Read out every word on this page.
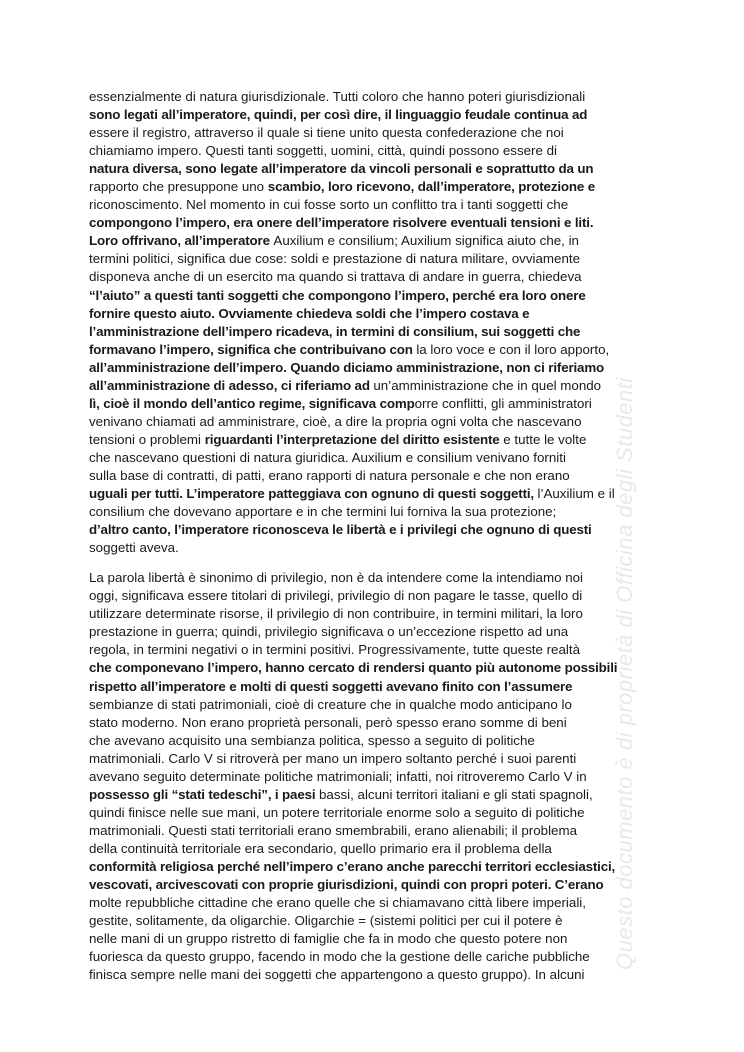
Questo documento è di proprietà di Officina degli Studenti
essenzialmente di natura giurisdizionale. Tutti coloro che hanno poteri giurisdizionali
sono legati all’imperatore, quindi, per così dire, il linguaggio feudale continua ad
essere il registro, attraverso il quale si tiene unito questa confederazione che noi
chiamiamo impero. Questi tanti soggetti, uomini, città, quindi possono essere di
natura diversa, sono legate all’imperatore da vincoli personali e soprattutto da un
rapporto che presuppone uno scambio, loro ricevono, dall’imperatore, protezione e
riconoscimento. Nel momento in cui fosse sorto un conflitto tra i tanti soggetti che
compongono l’impero, era onere dell’imperatore risolvere eventuali tensioni e liti.
Loro offrivano, all’imperatore Auxilium e consilium; Auxilium significa aiuto che, in
termini politici, significa due cose: soldi e prestazione di natura militare, ovviamente
disponeva anche di un esercito ma quando si trattava di andare in guerra, chiedeva
“l’aiuto” a questi tanti soggetti che compongono l’impero, perché era loro onere
fornire questo aiuto. Ovviamente chiedeva soldi che l’impero costava e
l’amministrazione dell’impero ricadeva, in termini di consilium, sui soggetti che
formavano l’impero, significa che contribuivano con la loro voce e con il loro apporto,
all’amministrazione dell’impero. Quando diciamo amministrazione, non ci riferiamo
all’amministrazione di adesso, ci riferiamo ad un’amministrazione che in quel mondo
lì, cioè il mondo dell’antico regime, significava comporre conflitti, gli amministratori
venivano chiamati ad amministrare, cioè, a dire la propria ogni volta che nascevano
tensioni o problemi riguardanti l’interpretazione del diritto esistente e tutte le volte
che nascevano questioni di natura giuridica. Auxilium e consilium venivano forniti
sulla base di contratti, di patti, erano rapporti di natura personale e che non erano
uguali per tutti. L’imperatore patteggiava con ognuno di questi soggetti, l’Auxilium e il
consilium che dovevano apportare e in che termini lui forniva la sua protezione;
d’altro canto, l’imperatore riconosceva le libertà e i privilegi che ognuno di questi
soggetti aveva.
La parola libertà è sinonimo di privilegio, non è da intendere come la intendiamo noi
oggi, significava essere titolari di privilegi, privilegio di non pagare le tasse, quello di
utilizzare determinate risorse, il privilegio di non contribuire, in termini militari, la loro
prestazione in guerra; quindi, privilegio significava o un’eccezione rispetto ad una
regola, in termini negativi o in termini positivi. Progressivamente, tutte queste realtà
che componevano l’impero, hanno cercato di rendersi quanto più autonome possibili
rispetto all’imperatore e molti di questi soggetti avevano finito con l’assumere
sembianze di stati patrimoniali, cioè di creature che in qualche modo anticipano lo
stato moderno. Non erano proprietà personali, però spesso erano somme di beni
che avevano acquisito una sembianza politica, spesso a seguito di politiche
matrimoniali. Carlo V si ritroverà per mano un impero soltanto perché i suoi parenti
avevano seguito determinate politiche matrimoniali; infatti, noi ritroveremo Carlo V in
possesso gli “stati tedeschi”, i paesi bassi, alcuni territori italiani e gli stati spagnoli,
quindi finisce nelle sue mani, un potere territoriale enorme solo a seguito di politiche
matrimoniali. Questi stati territoriali erano smembrabili, erano alienabili; il problema
della continuità territoriale era secondario, quello primario era il problema della
conformità religiosa perché nell’impero c’erano anche parecchi territori ecclesiastici,
vescovati, arcivescovati con proprie giurisdizioni, quindi con propri poteri. C’erano
molte repubbliche cittadine che erano quelle che si chiamavano città libere imperiali,
gestite, solitamente, da oligarchie. Oligarchie = (sistemi politici per cui il potere è
nelle mani di un gruppo ristretto di famiglie che fa in modo che questo potere non
fuoriesca da questo gruppo, facendo in modo che la gestione delle cariche pubbliche
finisca sempre nelle mani dei soggetti che appartengono a questo gruppo). In alcuni
